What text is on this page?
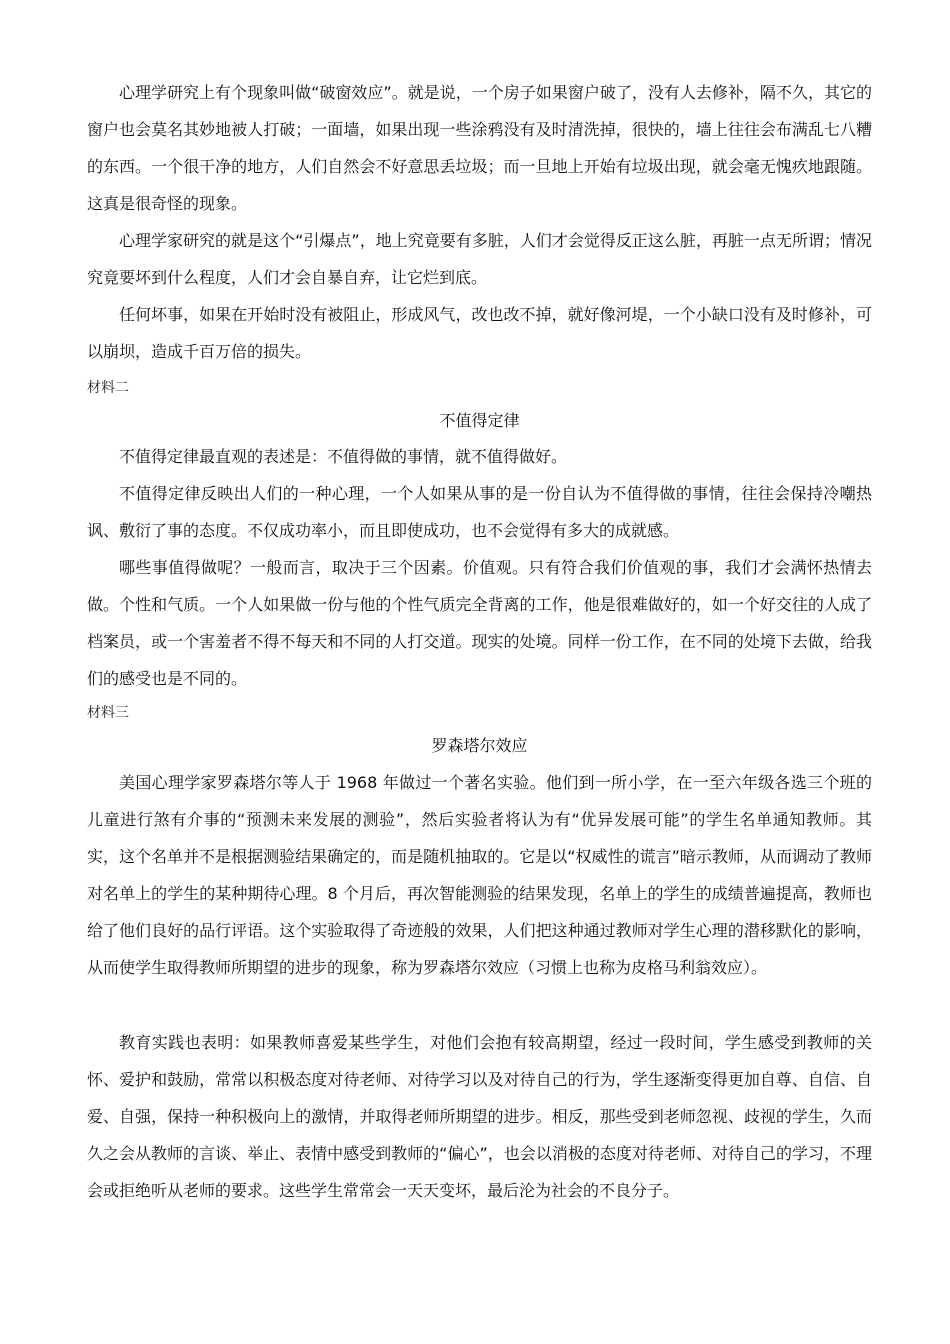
心理学研究上有个现象叫做“破窗效应”。就是说，一个房子如果窗户破了，没有人去修补，隔不久，其它的窗户也会莫名其妙地被人打破；一面墙，如果出现一些涂鸦没有及时清洗掉，很快的，墙上往往会布满乱七八糟的东西。一个很干净的地方，人们自然会不好意思丢垃圾；而一旦地上开始有垃圾出现，就会毫无愧疚地跟随。这真是很奇怪的现象。

心理学家研究的就是这个“引爆点”，地上究竟要有多脏，人们才会觉得反正这么脏，再脏一点无所谓；情况究竟要坏到什么程度，人们才会自暴自弃，让它烂到底。

任何坏事，如果在开始时没有被阻止，形成风气，改也改不掉，就好像河堤，一个小缺口没有及时修补，可以崩坝，造成千百万倍的损失。

材料二

不值得定律

不值得定律最直观的表述是：不值得做的事情，就不值得做好。

不值得定律反映出人们的一种心理，一个人如果从事的是一份自认为不值得做的事情，往往会保持冷嘲热讽、敷衍了事的态度。不仅成功率小，而且即使成功，也不会觉得有多大的成就感。

哪些事值得做呢？一般而言，取决于三个因素。价值观。只有符合我们价值观的事，我们才会满怀热情去做。个性和气质。一个人如果做一份与他的个性气质完全背离的工作，他是很难做好的，如一个好交往的人成了档案员，或一个害羞者不得不每天和不同的人打交道。现实的处境。同样一份工作，在不同的处境下去做，给我们的感受也是不同的。

材料三

罗森塔尔效应

美国心理学家罗森塔尔等人于 1968 年做过一个著名实验。他们到一所小学，在一至六年级各选三个班的儿童进行煞有介事的“预测未来发展的测验”，然后实验者将认为有“优异发展可能”的学生名单通知教师。其实，这个名单并不是根据测验结果确定的，而是随机抽取的。它是以“权威性的谎言”暗示教师，从而调动了教师对名单上的学生的某种期待心理。8 个月后，再次智能测验的结果发现，名单上的学生的成绩普遍提高，教师也给了他们良好的品行评语。这个实验取得了奇迹般的效果，人们把这种通过教师对学生心理的潜移默化的影响，从而使学生取得教师所期望的进步的现象，称为罗森塔尔效应（习惯上也称为皮格马利翁效应）。

教育实践也表明：如果教师喜爱某些学生，对他们会抱有较高期望，经过一段时间，学生感受到教师的关怀、爱护和鼓励，常常以积极态度对待老师、对待学习以及对待自己的行为，学生逐渐变得更加自尊、自信、自爱、自强，保持一种积极向上的激情，并取得老师所期望的进步。相反，那些受到老师忽视、歧视的学生，久而久之会从教师的言谈、举止、表情中感受到教师的“偏心”，也会以消极的态度对待老师、对待自己的学习，不理会或拒绝听从老师的要求。这些学生常常会一天天变坏，最后沦为社会的不良分子。
